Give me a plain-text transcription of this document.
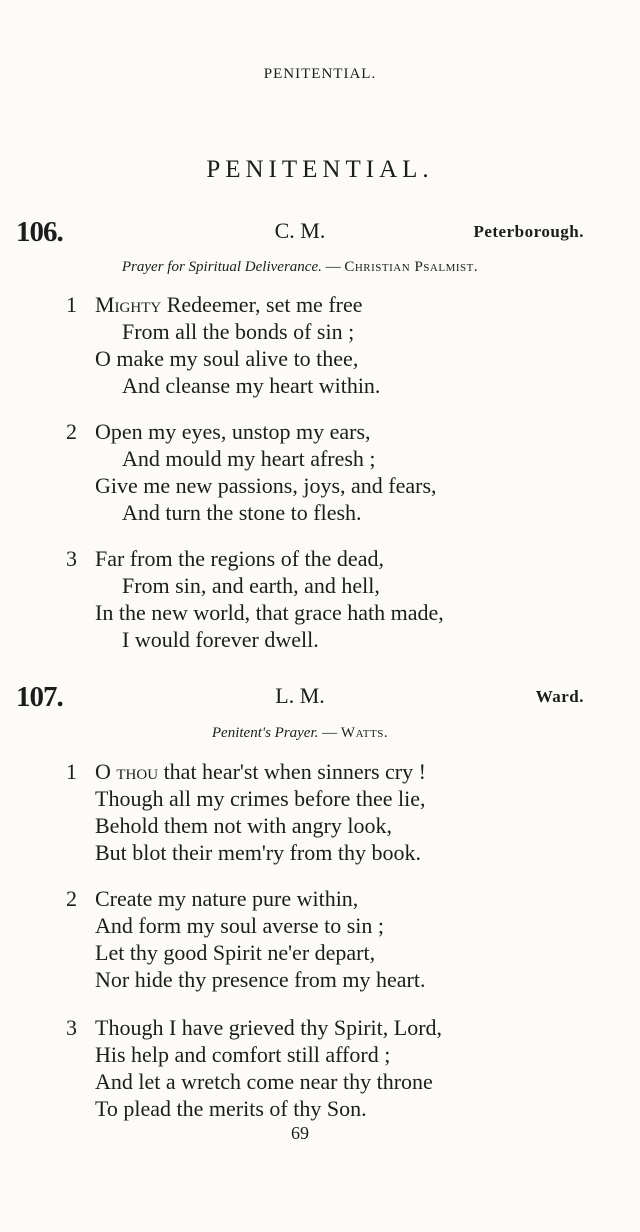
PENITENTIAL.
PENITENTIAL.
106.	C. M.	Peterborough.
Prayer for Spiritual Deliverance. — Christian Psalmist.
1 Mighty Redeemer, set me free
From all the bonds of sin ;
O make my soul alive to thee,
And cleanse my heart within.
2 Open my eyes, unstop my ears,
And mould my heart afresh ;
Give me new passions, joys, and fears,
And turn the stone to flesh.
3 Far from the regions of the dead,
From sin, and earth, and hell,
In the new world, that grace hath made,
I would forever dwell.
107.	L. M.	Ward.
Penitent's Prayer. — Watts.
1 O thou that hear'st when sinners cry !
Though all my crimes before thee lie,
Behold them not with angry look,
But blot their mem'ry from thy book.
2 Create my nature pure within,
And form my soul averse to sin ;
Let thy good Spirit ne'er depart,
Nor hide thy presence from my heart.
3 Though I have grieved thy Spirit, Lord,
His help and comfort still afford ;
And let a wretch come near thy throne
To plead the merits of thy Son.
69
